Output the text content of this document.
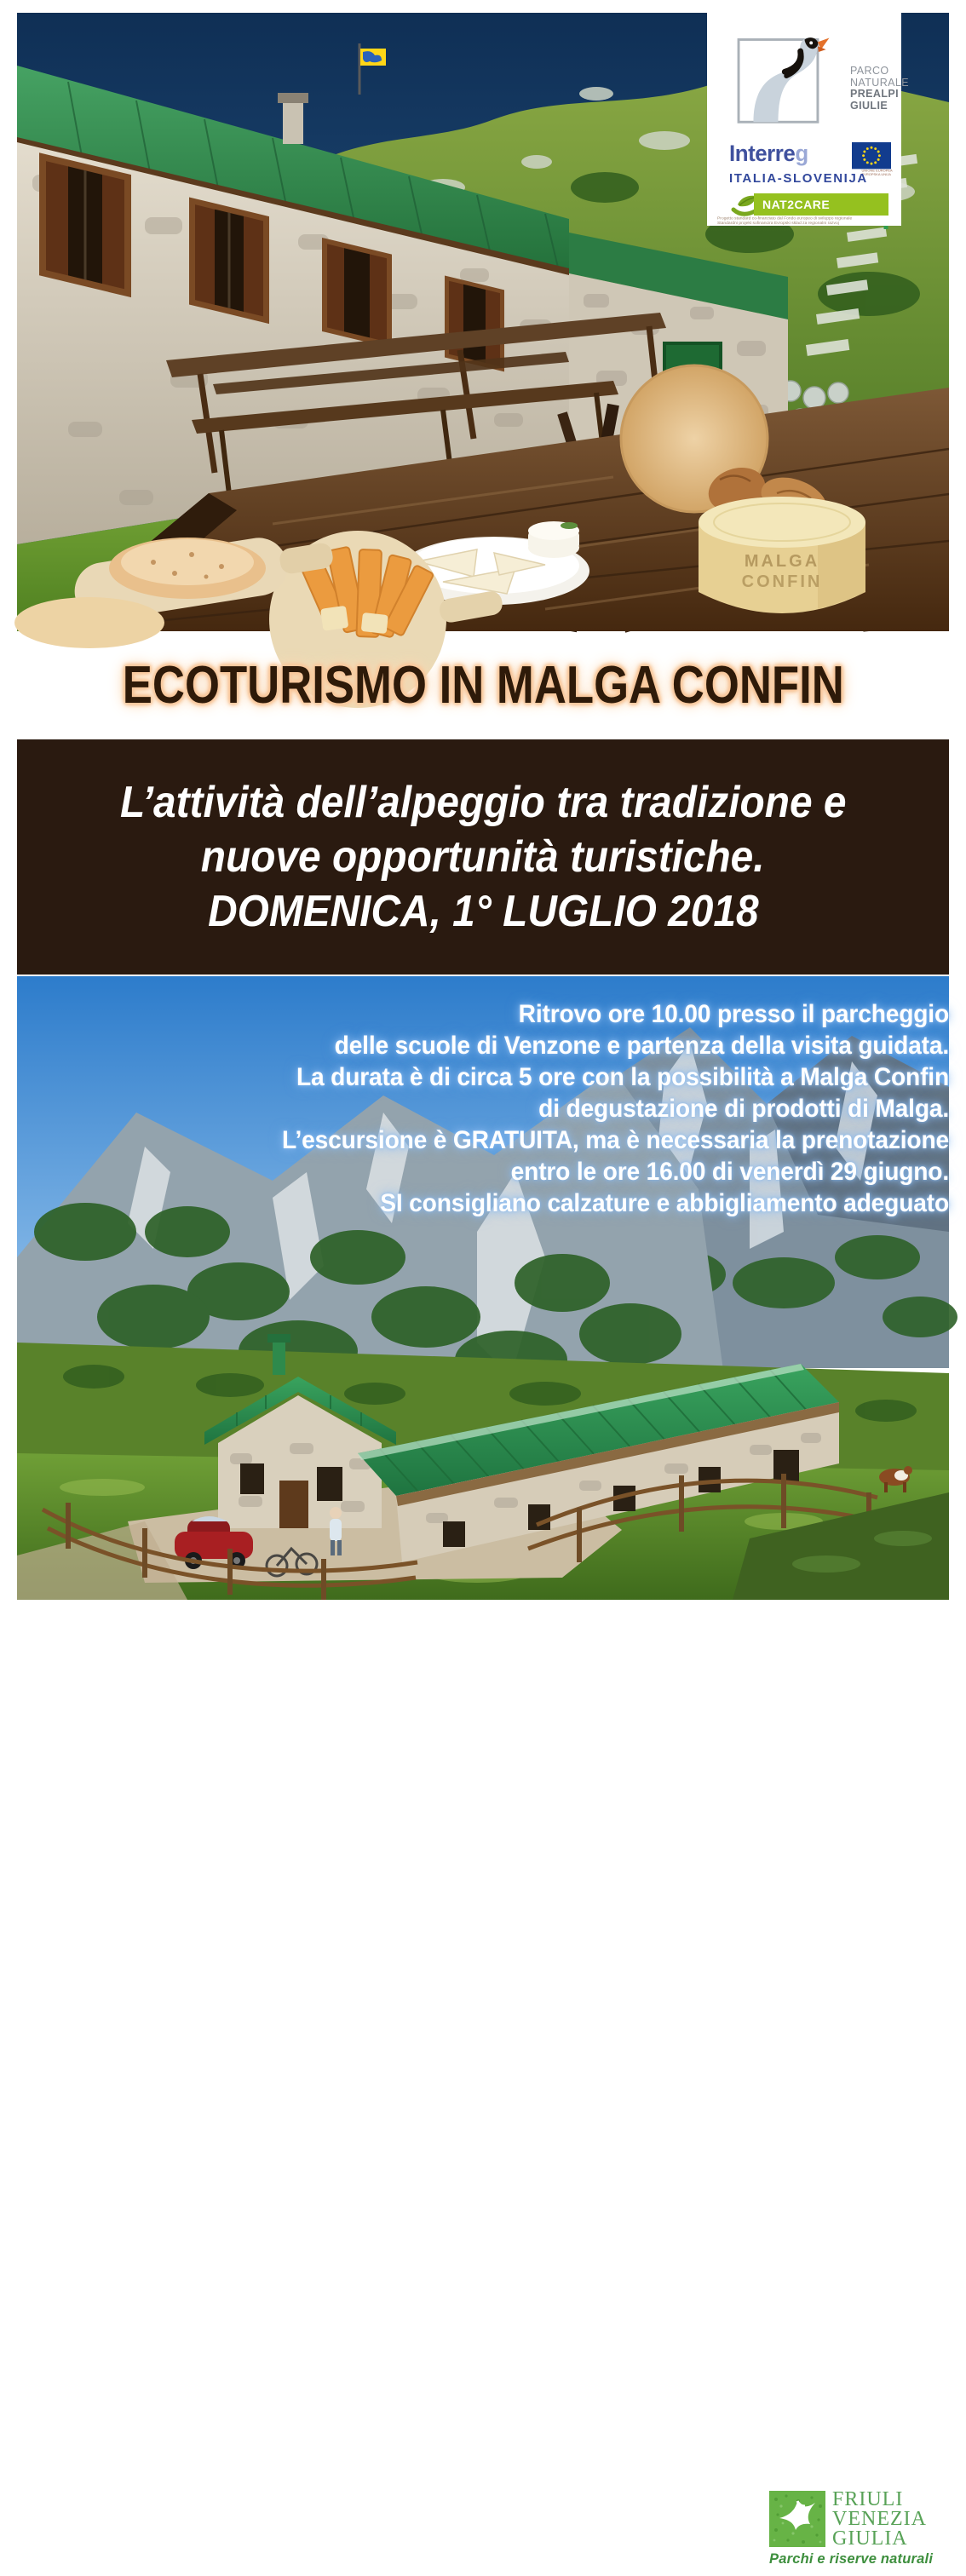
MALGA
CONFIN
PARCO
NATURALE
PREALPI
GIULIE
Interreg
UNIONE EUROPEA
EVROPSKA UNIJA
ITALIA-SLOVENIJA
NAT2CARE
Progetto standard co-finanziato dal Fondo europeo di sviluppo regionale
Standardni projekt sofinancira Evropski sklad za regionalni razvoj
ECOTURISMO IN MALGA CONFIN
L’attività dell’alpeggio tra tradizione e
nuove opportunità turistiche.
DOMENICA, 1° LUGLIO 2018
FRIULI
VENEZIA
GIULIA
Parchi e riserve naturali
Ritrovo ore 10.00 presso il parcheggio
delle scuole di Venzone e partenza della visita guidata.
La durata è di circa 5 ore con la possibilità a Malga Confin
di degustazione di prodotti di Malga.
L’escursione è GRATUITA, ma è necessaria la prenotazione
entro le ore 16.00 di venerdì 29 giugno.
SI consigliano calzature e abbigliamento adeguato
